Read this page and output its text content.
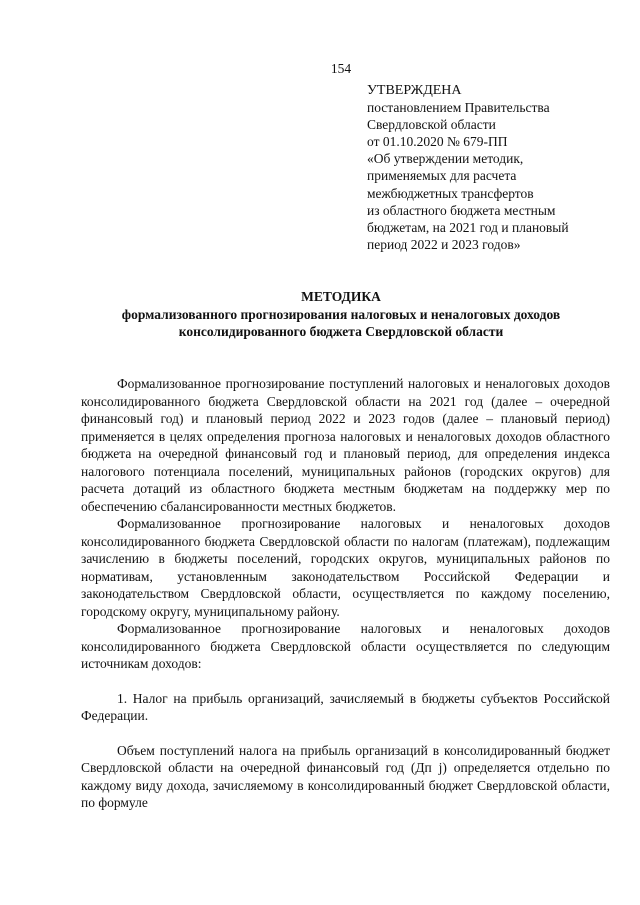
154
УТВЕРЖДЕНА
постановлением Правительства
Свердловской области
от 01.10.2020 № 679-ПП
«Об утверждении методик,
применяемых для расчета
межбюджетных трансфертов
из областного бюджета местным
бюджетам, на 2021 год и плановый
период 2022 и 2023 годов»
МЕТОДИКА
формализованного прогнозирования налоговых и неналоговых доходов
консолидированного бюджета Свердловской области

Формализованное прогнозирование поступлений налоговых и неналоговых доходов консолидированного бюджета Свердловской области на 2021 год (далее – очередной финансовый год) и плановый период 2022 и 2023 годов (далее – плановый период) применяется в целях определения прогноза налоговых и неналоговых доходов областного бюджета на очередной финансовый год и плановый период, для определения индекса налогового потенциала поселений, муниципальных районов (городских округов) для расчета дотаций из областного бюджета местным бюджетам на поддержку мер по обеспечению сбалансированности местных бюджетов.

Формализованное прогнозирование налоговых и неналоговых доходов консолидированного бюджета Свердловской области по налогам (платежам), подлежащим зачислению в бюджеты поселений, городских округов, муниципальных районов по нормативам, установленным законодательством Российской Федерации и законодательством Свердловской области, осуществляется по каждому поселению, городскому округу, муниципальному району.

Формализованное прогнозирование налоговых и неналоговых доходов консолидированного бюджета Свердловской области осуществляется по следующим источникам доходов:

1. Налог на прибыль организаций, зачисляемый в бюджеты субъектов Российской Федерации.

Объем поступлений налога на прибыль организаций в консолидированный бюджет Свердловской области на очередной финансовый год (Дп j) определяется отдельно по каждому виду дохода, зачисляемому в консолидированный бюджет Свердловской области, по формуле
